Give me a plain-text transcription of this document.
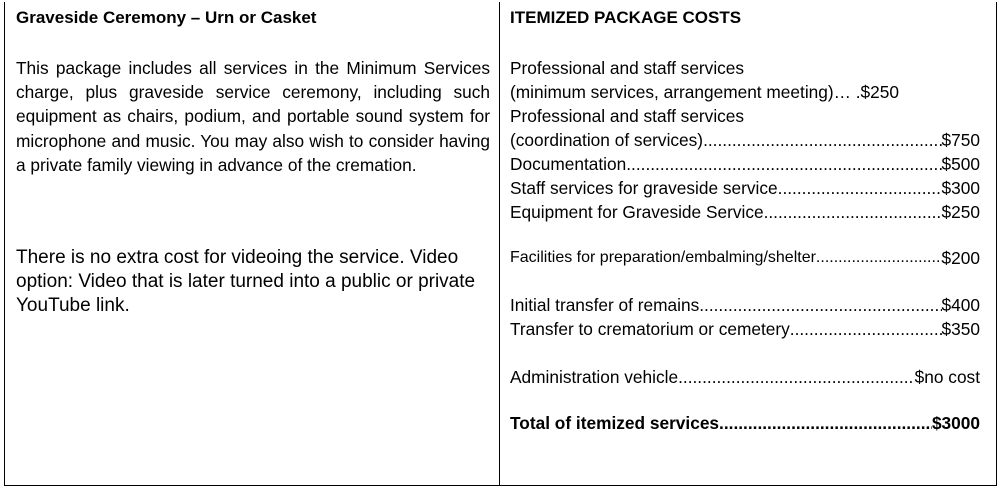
Graveside Ceremony – Urn or Casket
This package includes all services in the Minimum Services charge, plus graveside service ceremony, including such equipment as chairs, podium, and portable sound system for microphone and music. You may also wish to consider having a private family viewing in advance of the cremation.
There is no extra cost for videoing the service. Video option: Video that is later turned into a public or private YouTube link.
ITEMIZED PACKAGE COSTS
Professional and staff services
(minimum services, arrangement meeting)… . $250
Professional and staff services
(coordination of services) .....	$750
Documentation .....	$500
Staff services for graveside service .....	$300
Equipment for Graveside Service .....	$250
Facilities for preparation/embalming/shelter .....	$200
Initial transfer of remains .....	$400
Transfer to crematorium or cemetery .....	$350
Administration vehicle .....	$no cost
Total of itemized services .....	$3000
